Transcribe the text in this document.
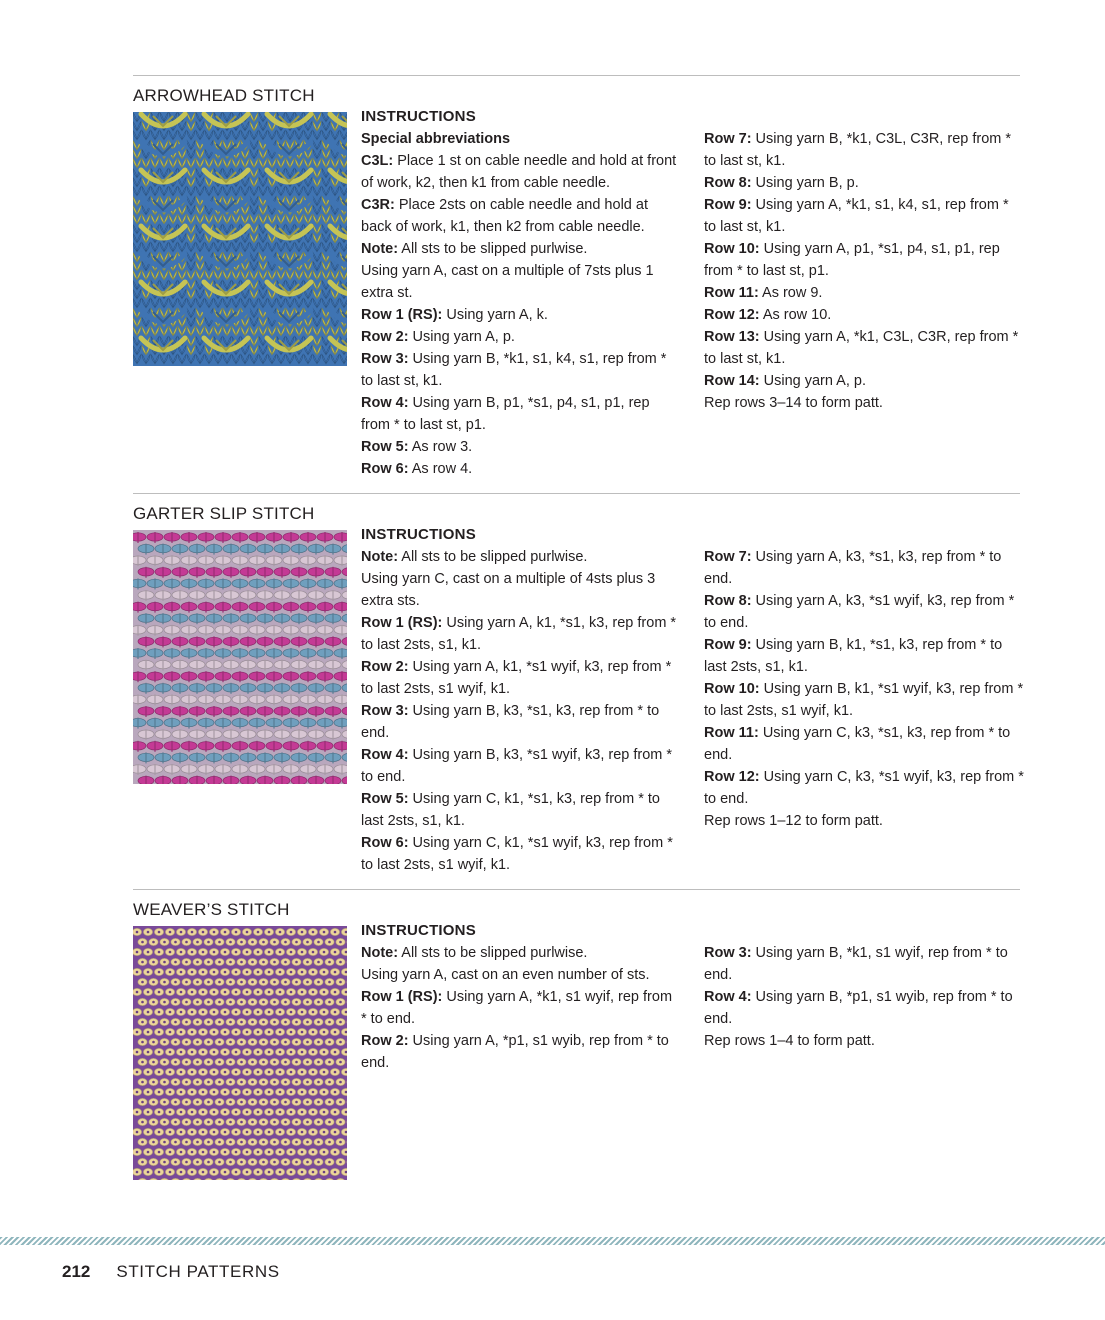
ARROWHEAD STITCH

INSTRUCTIONS

Special abbreviations

C3L: Place 1 st on cable needle and hold at front of work, k2, then k1 from cable needle.

C3R: Place 2sts on cable needle and hold at back of work, k1, then k2 from cable needle.

Note: All sts to be slipped purlwise.

Using yarn A, cast on a multiple of 7sts plus 1 extra st.

Row 1 (RS): Using yarn A, k.

Row 2: Using yarn A, p.

Row 3: Using yarn B, *k1, s1, k4, s1, rep from * to last st, k1.

Row 4: Using yarn B, p1, *s1, p4, s1, p1, rep from * to last st, p1.

Row 5: As row 3.

Row 6: As row 4.

Row 7: Using yarn B, *k1, C3L, C3R, rep from * to last st, k1.

Row 8: Using yarn B, p.

Row 9: Using yarn A, *k1, s1, k4, s1, rep from * to last st, k1.

Row 10: Using yarn A, p1, *s1, p4, s1, p1, rep from * to last st, p1.

Row 11: As row 9.

Row 12: As row 10.

Row 13: Using yarn A, *k1, C3L, C3R, rep from * to last st, k1.

Row 14: Using yarn A, p.

Rep rows 3–14 to form patt.

GARTER SLIP STITCH

INSTRUCTIONS

Note: All sts to be slipped purlwise.

Using yarn C, cast on a multiple of 4sts plus 3 extra sts.

Row 1 (RS): Using yarn A, k1, *s1, k3, rep from * to last 2sts, s1, k1.

Row 2: Using yarn A, k1, *s1 wyif, k3, rep from * to last 2sts, s1 wyif, k1.

Row 3: Using yarn B, k3, *s1, k3, rep from * to end.

Row 4: Using yarn B, k3, *s1 wyif, k3, rep from * to end.

Row 5: Using yarn C, k1, *s1, k3, rep from * to last 2sts, s1, k1.

Row 6: Using yarn C, k1, *s1 wyif, k3, rep from * to last 2sts, s1 wyif, k1.

Row 7: Using yarn A, k3, *s1, k3, rep from * to end.

Row 8: Using yarn A, k3, *s1 wyif, k3, rep from * to end.

Row 9: Using yarn B, k1, *s1, k3, rep from * to last 2sts, s1, k1.

Row 10: Using yarn B, k1, *s1 wyif, k3, rep from * to last 2sts, s1 wyif, k1.

Row 11: Using yarn C, k3, *s1, k3, rep from * to end.

Row 12: Using yarn C, k3, *s1 wyif, k3, rep from * to end.

Rep rows 1–12 to form patt.

WEAVER’S STITCH

INSTRUCTIONS

Note: All sts to be slipped purlwise.

Using yarn A, cast on an even number of sts.

Row 1 (RS): Using yarn A, *k1, s1 wyif, rep from * to end.

Row 2: Using yarn A, *p1, s1 wyib, rep from * to end.

Row 3: Using yarn B, *k1, s1 wyif, rep from * to end.

Row 4: Using yarn B, *p1, s1 wyib, rep from * to end.

Rep rows 1–4 to form patt.

212 STITCH PATTERNS
